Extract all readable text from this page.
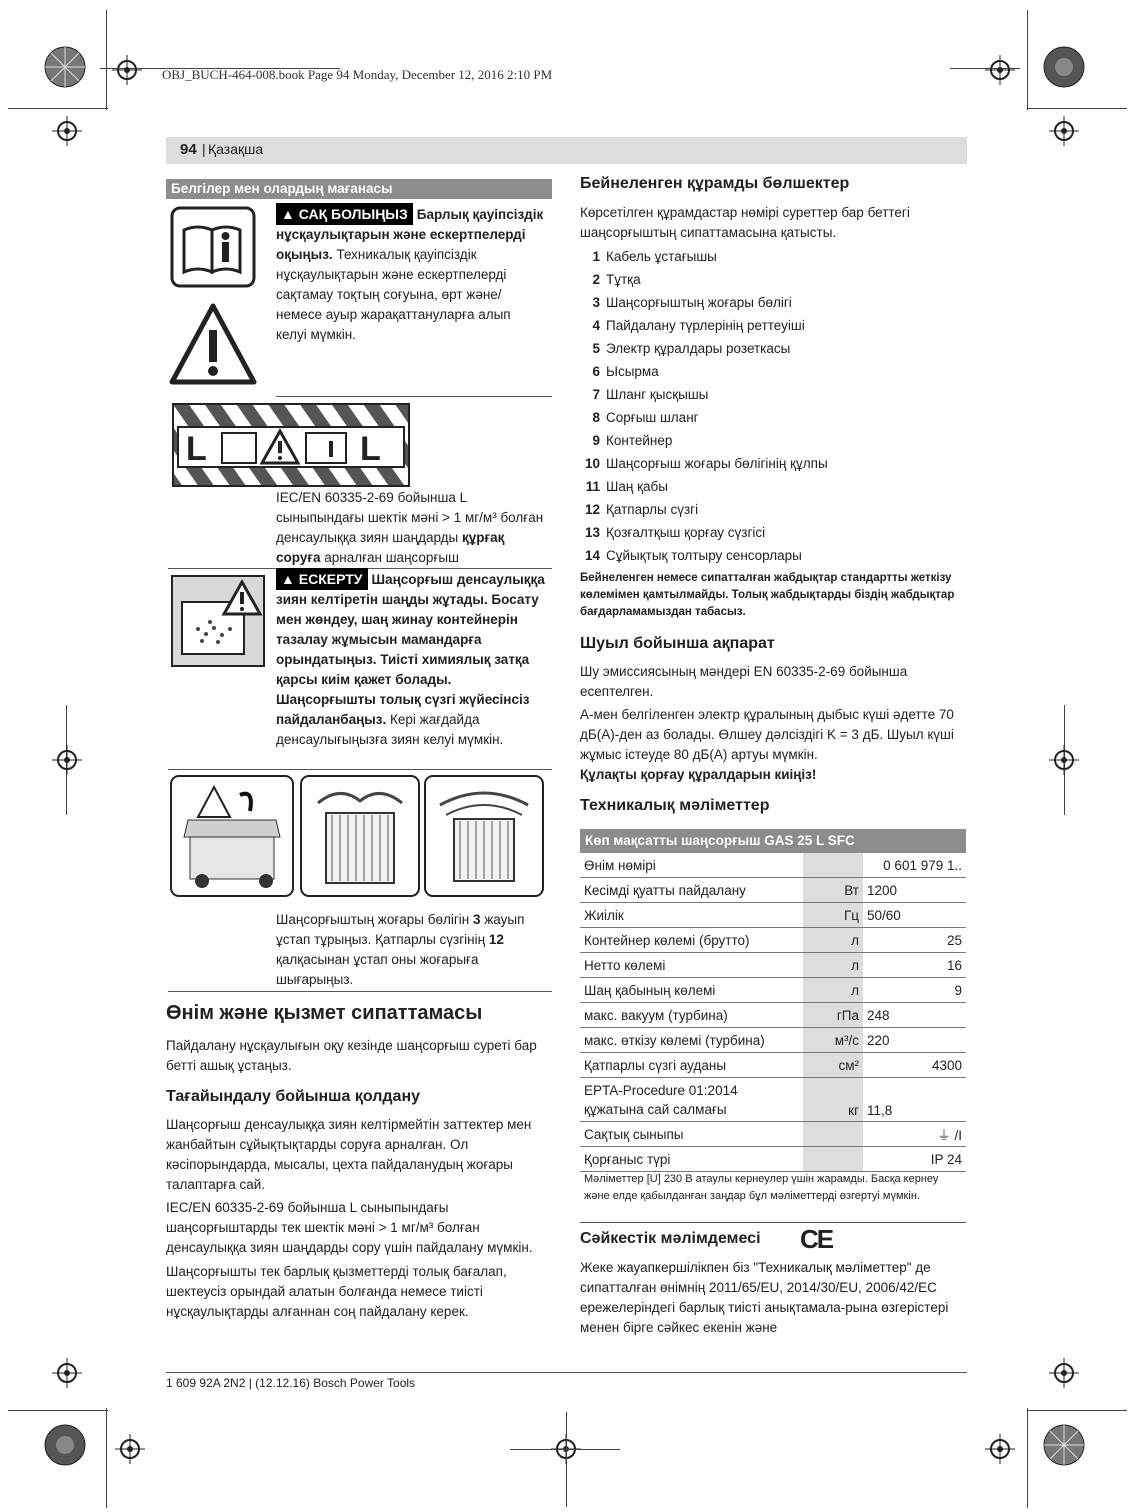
OBJ_BUCH-464-008.book Page 94 Monday, December 12, 2016 2:10 PM
94 | Қазақша
Белгілер мен олардың мағанасы
▲ САҚ БОЛЫҢЫЗ Барлық қауіпсіздік нұсқаулықтарын және ескертпелерді оқыңыз. Техникалық қауіпсіздік нұсқаулықтарын және ескертпелерді сақтамау тоқтың соғуына, өрт және/немесе ауыр жарақаттануларға алып келуі мүмкін.
L	L
IEC/EN 60335-2-69 бойынша L сыныпындағы шектік мәні > 1 мг/м³ болған денсаулыққа зиян шаңдарды құрғақ соруға арналған шаңсорғыш
▲ ЕСКЕРТУ Шаңсорғыш денсаулыққа зиян келтіретін шаңды жұтады. Босату мен жөндеу, шаң жинау контейнерін тазалау жұмысын мамандарға орындатыңыз. Тиісті химиялық затқа қарсы киім қажет болады. Шаңсорғышты толық сүзгі жүйесінсіз пайдаланбаңыз. Кері жағдайда денсаулығыңызға зиян келуі мүмкін.
Шаңсорғыштың жоғары бөлігін 3 жауып ұстап тұрыңыз. Қатпарлы сүзгінің 12 қалқасынан ұстап оны жоғарыға шығарыңыз.
Өнім және қызмет сипаттамасы
Пайдалану нұсқаулығын оқу кезінде шаңсорғыш суреті бар бетті ашық ұстаңыз.
Тағайындалу бойынша қолдану
Шаңсорғыш денсаулыққа зиян келтірмейтін заттектер мен жанбайтын сұйықтықтарды соруға арналған. Ол кәсіпорындарда, мысалы, цехта пайдаланудың жоғары талаптарға сай.
IEC/EN 60335-2-69 бойынша L сыныпындағы шаңсорғыштарды тек шектік мәні > 1 мг/м³ болған денсаулыққа зиян шаңдарды сору үшін пайдалану мүмкін.
Шаңсорғышты тек барлық қызметтерді толық бағалап, шектеусіз орындай алатын болғанда немесе тиісті нұсқаулықтарды алғаннан соң пайдалану керек.
Бейнеленген құрамды бөлшектер
Көрсетілген құрамдастар нөмірі суреттер бар беттегі шаңсорғыштың сипаттамасына қатысты.
1 Кабель ұстағышы
2 Тұтқа
3 Шаңсорғыштың жоғары бөлігі
4 Пайдалану түрлерінің реттеуіші
5 Электр құралдары розеткасы
6 Ысырма
7 Шланг қысқышы
8 Сорғыш шланг
9 Контейнер
10 Шаңсорғыш жоғары бөлігінің құлпы
11 Шаң қабы
12 Қатпарлы сүзгі
13 Қозғалтқыш қорғау сүзгісі
14 Сұйықтық толтыру сенсорлары
Бейнеленген немесе сипатталған жабдықтар стандартты жеткізу көлемімен қамтылмайды. Толық жабдықтарды біздің жабдықтар бағдарламамыздан табасыз.
Шуыл бойынша ақпарат
Шу эмиссиясының мәндері EN 60335-2-69 бойынша есептелген.
А-мен белгіленген электр құралының дыбыс күші әдетте 70 дБ(А)-ден аз болады. Өлшеу дәлсіздігі K = 3 дБ. Шуыл күші жұмыс істеуде 80 дБ(А) артуы мүмкін.
Құлақты қорғау құралдарын киіңіз!
Техникалық мәліметтер
Көп мақсатты шаңсорғыш GAS 25 L SFC
Өнім нөмірі		0 601 979 1..
Кесімді қуатты пайдалану	Вт	1200
Жиілік	Гц	50/60
Контейнер көлемі (брутто)	л	25
Нетто көлемі	л	16
Шаң қабының көлемі	л	9
макс. вакуум (турбина)	гПа	248
макс. өткізу көлемі (турбина)	м³/с	220
Қатпарлы сүзгі ауданы	см²	4300
EPTA-Procedure 01:2014 құжатына сай салмағы	кг	11,8
Сақтық сыныпы		⏚ /I
Қорғаныс түрі		IP 24
Мәліметтер [U] 230 В атаулы кернеулер үшін жарамды. Басқа кернеу және елде қабылданған заңдар бұл мәліметтерді өзгертуі мүмкін.
Сәйкестік мәлімдемесі CE
Жеке жауапкершілікпен біз "Техникалық мәліметтер" де сипатталған өнімнің 2011/65/EU, 2014/30/EU, 2006/42/EC ережелеріндегі барлық тиісті анықтамала-рына өзгерістері менен бірге сәйкес екенін және
1 609 92A 2N2 | (12.12.16) Bosch Power Tools
